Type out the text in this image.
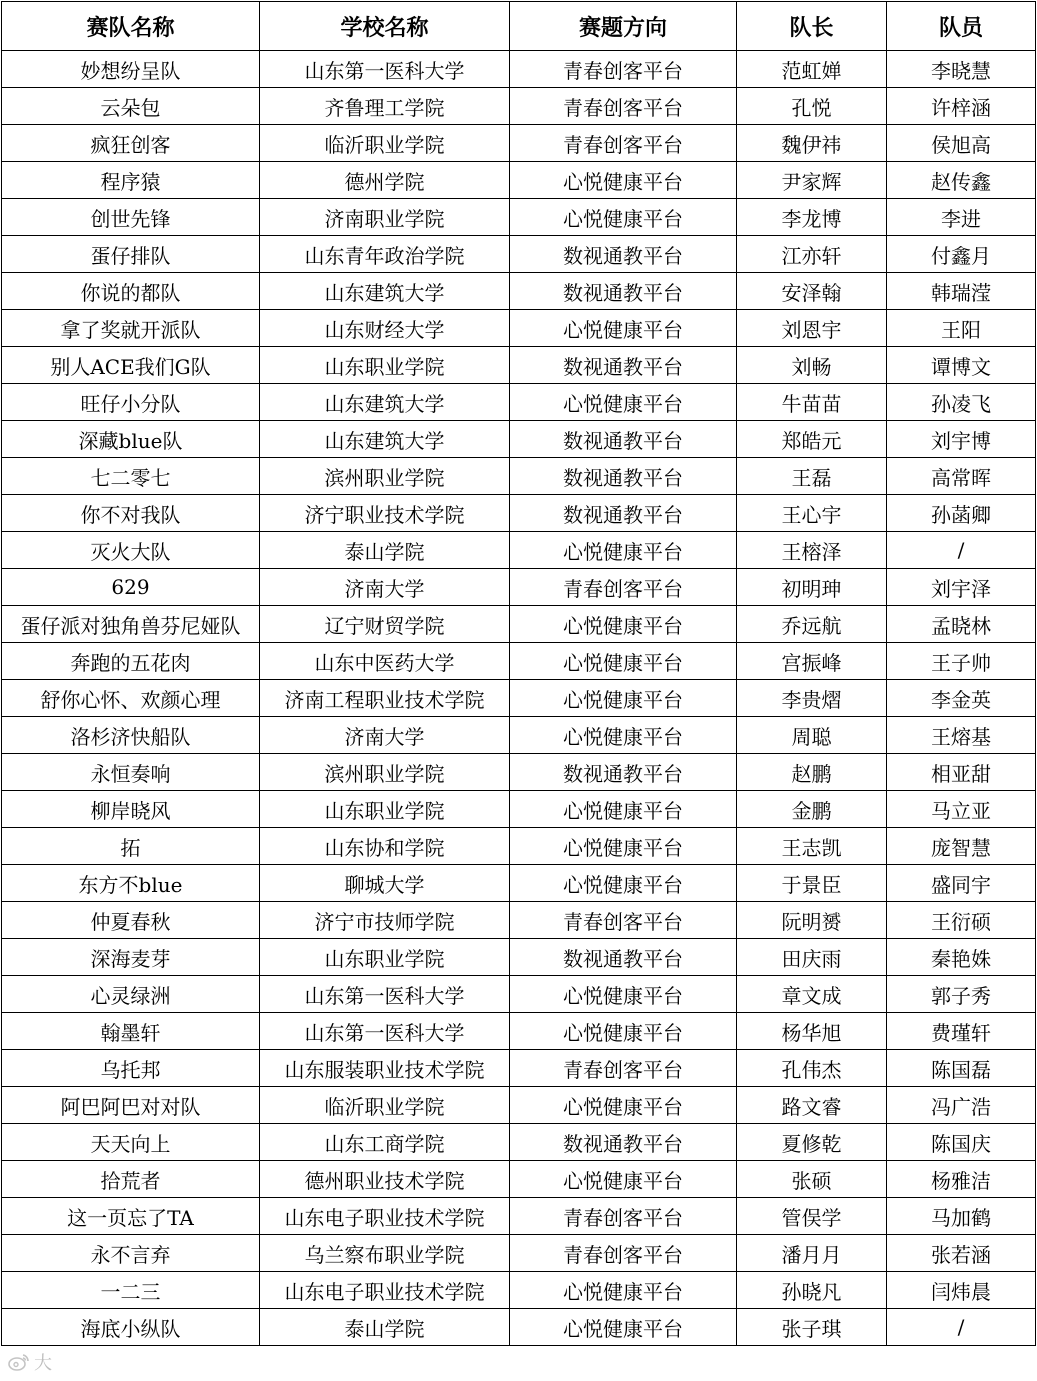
赛队名称	学校名称	赛题方向	队长	队员
妙想纷呈队	山东第一医科大学	青春创客平台	范虹婵	李晓慧
云朵包	齐鲁理工学院	青春创客平台	孔悦	许梓涵
疯狂创客	临沂职业学院	青春创客平台	魏伊祎	侯旭高
程序猿	德州学院	心悦健康平台	尹家辉	赵传鑫
创世先锋	济南职业学院	心悦健康平台	李龙博	李进
蛋仔排队	山东青年政治学院	数视通教平台	江亦轩	付鑫月
你说的都队	山东建筑大学	数视通教平台	安泽翰	韩瑞滢
拿了奖就开派队	山东财经大学	心悦健康平台	刘恩宇	王阳
别人ACE我们G队	山东职业学院	数视通教平台	刘畅	谭博文
旺仔小分队	山东建筑大学	心悦健康平台	牛苗苗	孙凌飞
深藏blue队	山东建筑大学	数视通教平台	郑皓元	刘宇博
七二零七	滨州职业学院	数视通教平台	王磊	高常晖
你不对我队	济宁职业技术学院	数视通教平台	王心宇	孙菡卿
灭火大队	泰山学院	心悦健康平台	王榕泽	/
629	济南大学	青春创客平台	初明珅	刘宇泽
蛋仔派对独角兽芬尼娅队	辽宁财贸学院	心悦健康平台	乔远航	孟晓林
奔跑的五花肉	山东中医药大学	心悦健康平台	宫振峰	王子帅
舒你心怀、欢颜心理	济南工程职业技术学院	心悦健康平台	李贵熠	李金英
洛杉济快船队	济南大学	心悦健康平台	周聪	王熔基
永恒奏响	滨州职业学院	数视通教平台	赵鹏	相亚甜
柳岸晓风	山东职业学院	心悦健康平台	金鹏	马立亚
拓	山东协和学院	心悦健康平台	王志凯	庞智慧
东方不blue	聊城大学	心悦健康平台	于景臣	盛同宇
仲夏春秋	济宁市技师学院	青春创客平台	阮明赟	王衍硕
深海麦芽	山东职业学院	数视通教平台	田庆雨	秦艳姝
心灵绿洲	山东第一医科大学	心悦健康平台	章文成	郭子秀
翰墨轩	山东第一医科大学	心悦健康平台	杨华旭	费瑾轩
乌托邦	山东服装职业技术学院	青春创客平台	孔伟杰	陈国磊
阿巴阿巴对对队	临沂职业学院	心悦健康平台	路文睿	冯广浩
天天向上	山东工商学院	数视通教平台	夏修乾	陈国庆
拾荒者	德州职业技术学院	心悦健康平台	张硕	杨雅洁
这一页忘了TA	山东电子职业技术学院	青春创客平台	管俣学	马加鹤
永不言弃	乌兰察布职业学院	青春创客平台	潘月月	张若涵
一二三	山东电子职业技术学院	心悦健康平台	孙晓凡	闫炜晨
海底小纵队	泰山学院	心悦健康平台	张子琪	/
大
